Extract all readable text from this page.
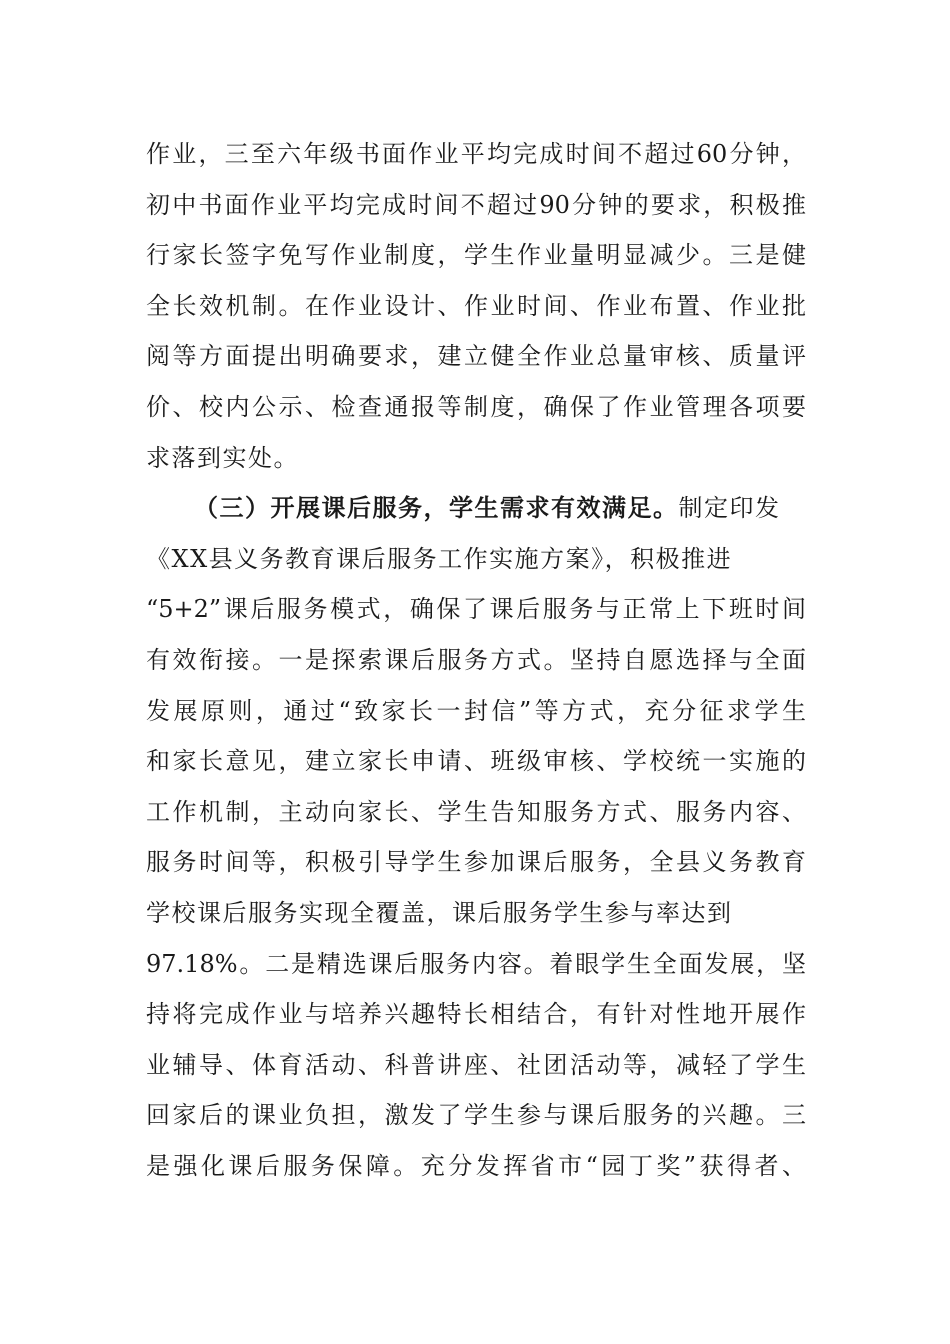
作业，三至六年级书面作业平均完成时间不超过60分钟，
初中书面作业平均完成时间不超过90分钟的要求，积极推
行家长签字免写作业制度，学生作业量明显减少。三是健
全长效机制。在作业设计、作业时间、作业布置、作业批
阅等方面提出明确要求，建立健全作业总量审核、质量评
价、校内公示、检查通报等制度，确保了作业管理各项要
求落到实处。
（三）开展课后服务，学生需求有效满足。制定印发
《XX县义务教育课后服务工作实施方案》，积极推进
“5+2”课后服务模式，确保了课后服务与正常上下班时间
有效衔接。一是探索课后服务方式。坚持自愿选择与全面
发展原则，通过“致家长一封信”等方式，充分征求学生
和家长意见，建立家长申请、班级审核、学校统一实施的
工作机制，主动向家长、学生告知服务方式、服务内容、
服务时间等，积极引导学生参加课后服务，全县义务教育
学校课后服务实现全覆盖，课后服务学生参与率达到
97.18%。二是精选课后服务内容。着眼学生全面发展，坚
持将完成作业与培养兴趣特长相结合，有针对性地开展作
业辅导、体育活动、科普讲座、社团活动等，减轻了学生
回家后的课业负担，激发了学生参与课后服务的兴趣。三
是强化课后服务保障。充分发挥省市“园丁奖”获得者、
